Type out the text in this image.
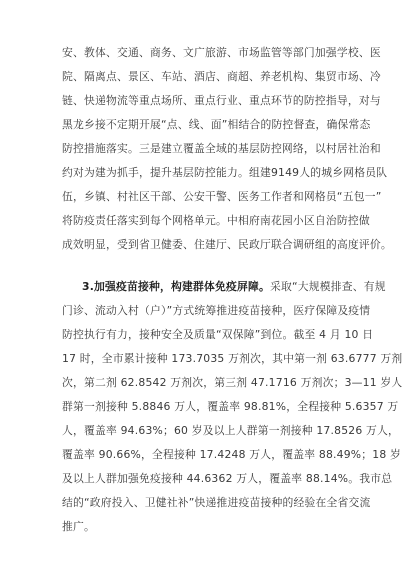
安、教体、交通、商务、文广旅游、市场监管等部门加强学校、医
院、隔离点、景区、车站、酒店、商超、养老机构、集贸市场、冷
链、快递物流等重点场所、重点行业、重点环节的防控指导，对与
黑龙乡接不定期开展“点、线、面”相结合的防控督查，确保常态
防控措施落实。三是建立覆盖全域的基层防控网络，以村居社治和
约对为建为抓手，提升基层防控能力。组建9149人的城乡网格员队
伍，乡镇、村社区干部、公安干警、医务工作者和网格员“五包一”
将防疫责任落实到每个网格单元。中相府南花园小区自治防控做
成效明显，受到省卫健委、住建厅、民政厅联合调研组的高度评价。
3.加强疫苗接种，构建群体免疫屏障。采取“大规模排查、有规
门诊、流动入村（户）”方式统筹推进疫苗接种，医疗保障及疫情
防控执行有力，接种安全及质量“双保障”到位。截至 4 月 10 日
17 时，全市累计接种 173.7035 万剂次，其中第一剂 63.6777 万剂
次，第二剂 62.8542 万剂次，第三剂 47.1716 万剂次；3—11 岁人
群第一剂接种 5.8846 万人，覆盖率 98.81%，全程接种 5.6357 万
人，覆盖率 94.63%；60 岁及以上人群第一剂接种 17.8526 万人，
覆盖率 90.66%，全程接种 17.4248 万人，覆盖率 88.49%；18 岁
及以上人群加强免疫接种 44.6362 万人，覆盖率 88.14%。我市总
结的“政府投入、卫健社补”快递推进疫苗接种的经验在全省交流
推广。
